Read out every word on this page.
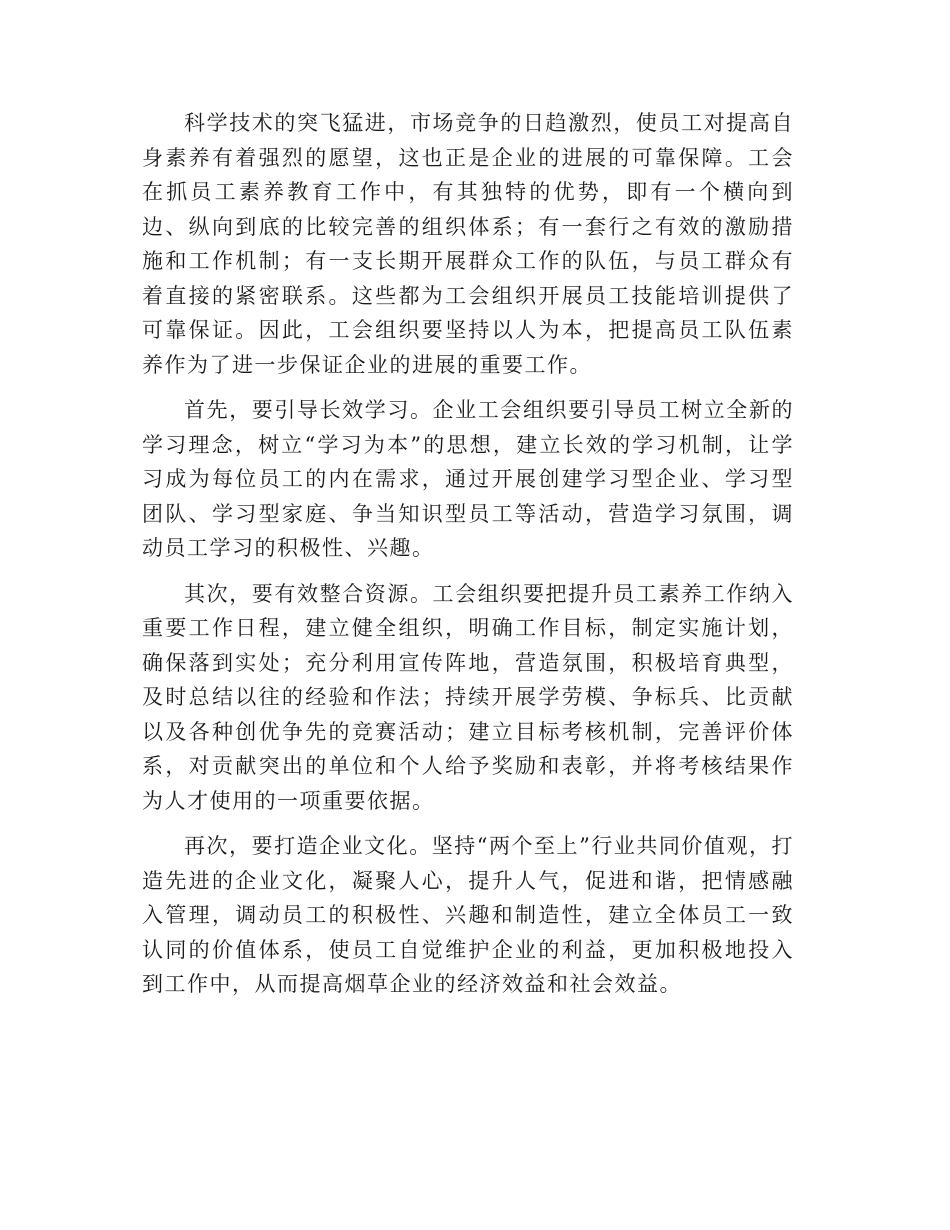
科学技术的突飞猛进，市场竞争的日趋激烈，使员工对提高自身素养有着强烈的愿望，这也正是企业的进展的可靠保障。工会在抓员工素养教育工作中，有其独特的优势，即有一个横向到边、纵向到底的比较完善的组织体系；有一套行之有效的激励措施和工作机制；有一支长期开展群众工作的队伍，与员工群众有着直接的紧密联系。这些都为工会组织开展员工技能培训提供了可靠保证。因此，工会组织要坚持以人为本，把提高员工队伍素养作为了进一步保证企业的进展的重要工作。

首先，要引导长效学习。企业工会组织要引导员工树立全新的学习理念，树立“学习为本”的思想，建立长效的学习机制，让学习成为每位员工的内在需求，通过开展创建学习型企业、学习型团队、学习型家庭、争当知识型员工等活动，营造学习氛围，调动员工学习的积极性、兴趣。

其次，要有效整合资源。工会组织要把提升员工素养工作纳入重要工作日程，建立健全组织，明确工作目标，制定实施计划，确保落到实处；充分利用宣传阵地，营造氛围，积极培育典型，及时总结以往的经验和作法；持续开展学劳模、争标兵、比贡献以及各种创优争先的竞赛活动；建立目标考核机制，完善评价体系，对贡献突出的单位和个人给予奖励和表彰，并将考核结果作为人才使用的一项重要依据。

再次，要打造企业文化。坚持“两个至上”行业共同价值观，打造先进的企业文化，凝聚人心，提升人气，促进和谐，把情感融入管理，调动员工的积极性、兴趣和制造性，建立全体员工一致认同的价值体系，使员工自觉维护企业的利益，更加积极地投入到工作中，从而提高烟草企业的经济效益和社会效益。
